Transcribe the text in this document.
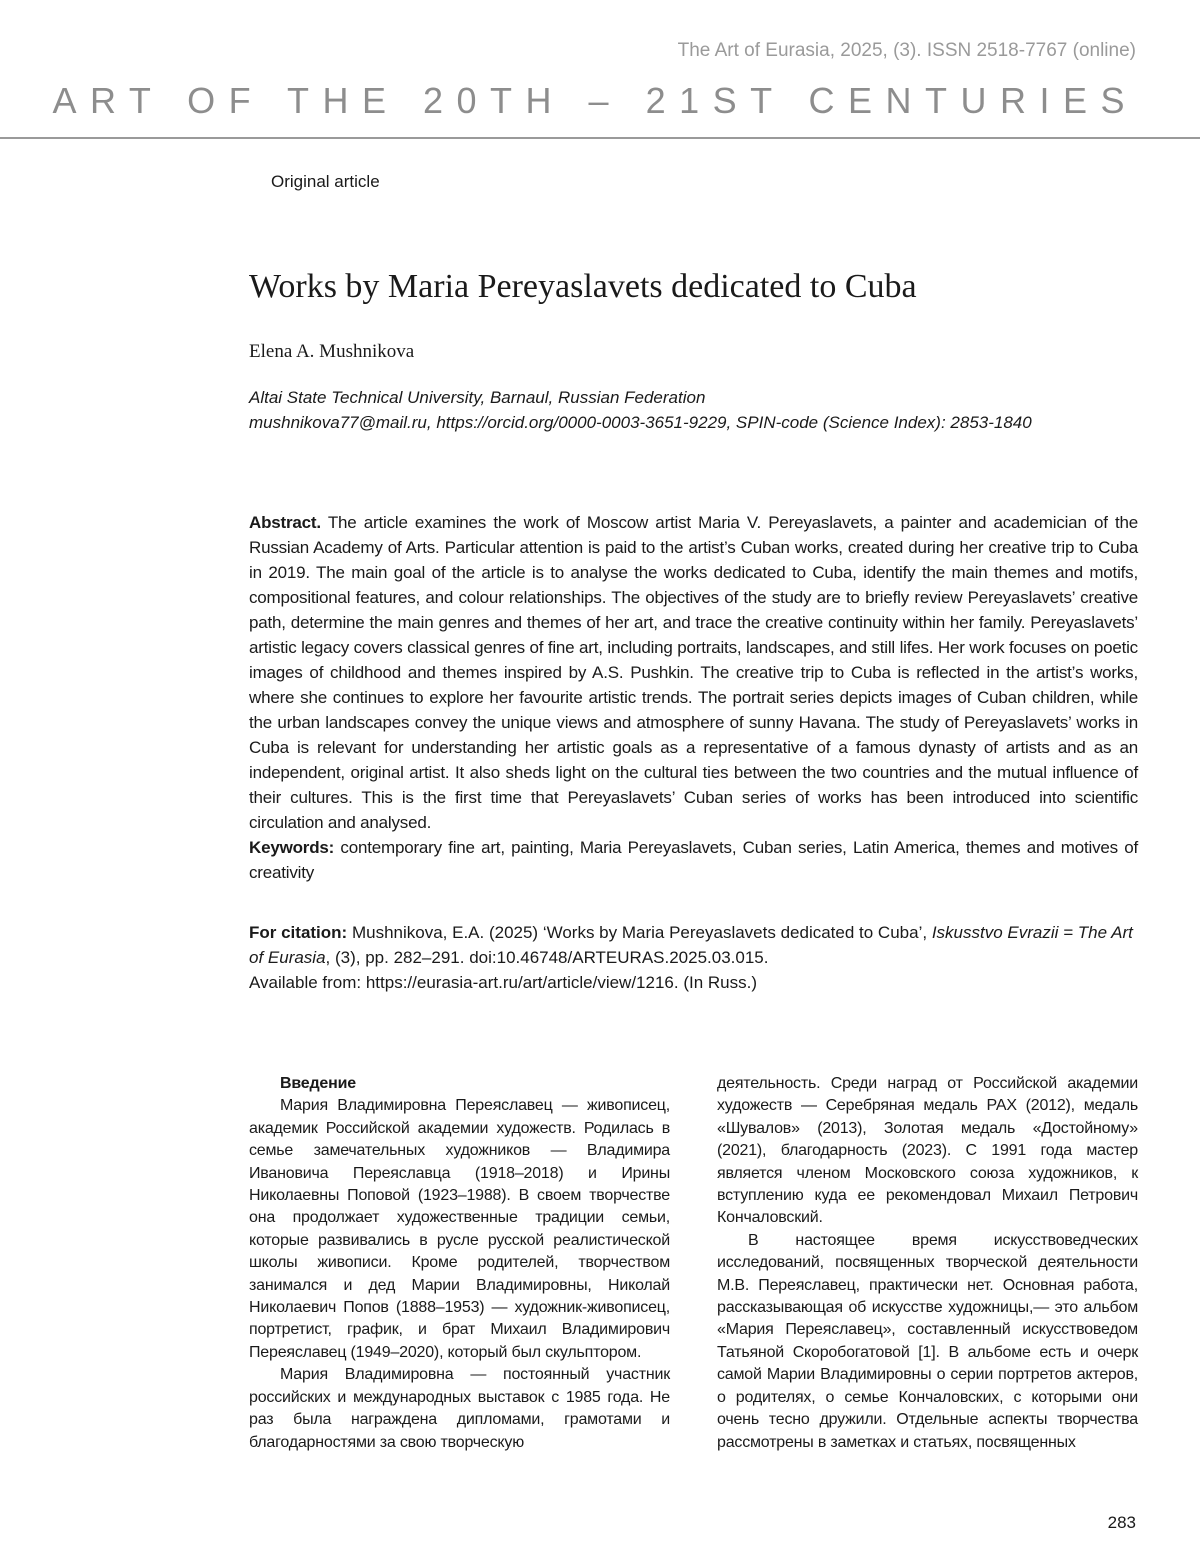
The Art of Eurasia, 2025, (3). ISSN 2518-7767 (online)
ART OF THE 20TH – 21ST CENTURIES
Original article
Works by Maria Pereyaslavets dedicated to Cuba
Elena A. Mushnikova
Altai State Technical University, Barnaul, Russian Federation
mushnikova77@mail.ru, https://orcid.org/0000-0003-3651-9229, SPIN-code (Science Index): 2853-1840

Abstract. The article examines the work of Moscow artist Maria V. Pereyaslavets, a painter and academician of the Russian Academy of Arts. Particular attention is paid to the artist’s Cuban works, created during her creative trip to Cuba in 2019. The main goal of the article is to analyse the works dedicated to Cuba, identify the main themes and motifs, compositional features, and colour relationships. The objectives of the study are to briefly review Pereyaslavets’ creative path, determine the main genres and themes of her art, and trace the creative continuity within her family. Pereyaslavets’ artistic legacy covers classical genres of fine art, including portraits, landscapes, and still lifes. Her work focuses on poetic images of childhood and themes inspired by A.S. Pushkin. The creative trip to Cuba is reflected in the artist’s works, where she continues to explore her favourite artistic trends. The portrait series depicts images of Cuban children, while the urban landscapes convey the unique views and atmosphere of sunny Havana. The study of Pereyaslavets’ works in Cuba is relevant for understanding her artistic goals as a representative of a famous dynasty of artists and as an independent, original artist. It also sheds light on the cultural ties between the two countries and the mutual influence of their cultures. This is the first time that Pereyaslavets’ Cuban series of works has been introduced into scientific circulation and analysed.

Keywords: contemporary fine art, painting, Maria Pereyaslavets, Cuban series, Latin America, themes and motives of creativity

For citation: Mushnikova, E.A. (2025) ‘Works by Maria Pereyaslavets dedicated to Cuba’, Iskusstvo Evrazii = The Art of Eurasia, (3), pp. 282–291. doi:10.46748/ARTEURAS.2025.03.015.

Available from: https://eurasia-art.ru/art/article/view/1216. (In Russ.)

Введение

Мария Владимировна Переяславец — живописец, академик Российской академии художеств. Родилась в семье замечательных художников — Владимира Ивановича Переяславца (1918–2018) и Ирины Николаевны Поповой (1923–1988). В своем творчестве она продолжает художественные традиции семьи, которые развивались в русле русской реалистической школы живописи. Кроме родителей, творчеством занимался и дед Марии Владимировны, Николай Николаевич Попов (1888–1953) — художник-живописец, портретист, график, и брат Михаил Владимирович Переяславец (1949–2020), который был скульптором.

Мария Владимировна — постоянный участник российских и международных выставок с 1985 года. Не раз была награждена дипломами, грамотами и благодарностями за свою творческую

деятельность. Среди наград от Российской академии художеств — Серебряная медаль РАХ (2012), медаль «Шувалов» (2013), Золотая медаль «Достойному» (2021), благодарность (2023). С 1991 года мастер является членом Московского союза художников, к вступлению куда ее рекомендовал Михаил Петрович Кончаловский.

В настоящее время искусствоведческих исследований, посвященных творческой деятельности М.В. Переяславец, практически нет. Основная работа, рассказывающая об искусстве художницы,— это альбом «Мария Переяславец», составленный искусствоведом Татьяной Скоробогатовой [1]. В альбоме есть и очерк самой Марии Владимировны о серии портретов актеров, о родителях, о семье Кончаловских, с которыми они очень тесно дружили. Отдельные аспекты творчества рассмотрены в заметках и статьях, посвященных

283
